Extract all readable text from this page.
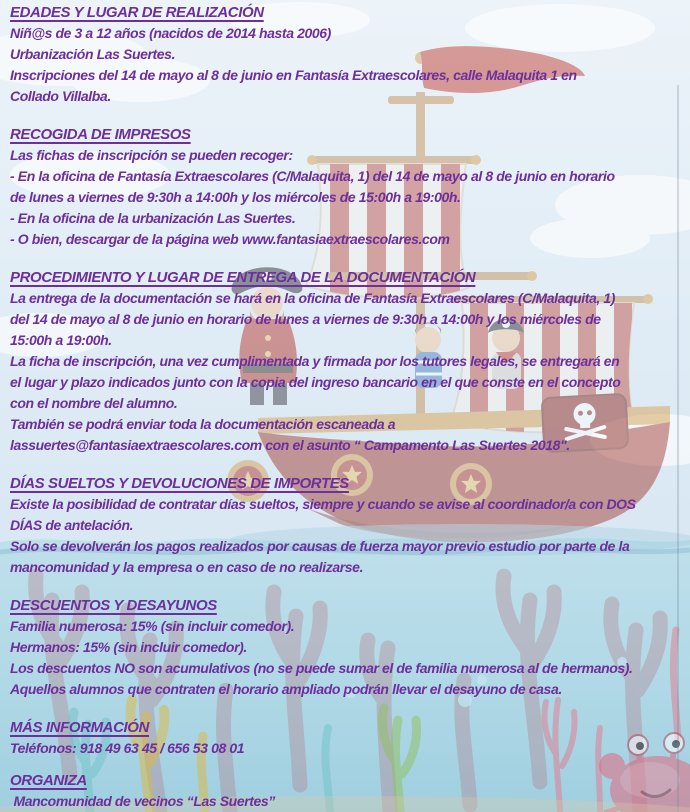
EDADES Y LUGAR DE REALIZACIÓN

Niñ@s de 3 a 12 años (nacidos de 2014 hasta 2006)

Urbanización Las Suertes.

Inscripciones del 14 de mayo al 8 de junio en Fantasía Extraescolares, calle Malaquita 1 en

Collado Villalba.

RECOGIDA DE IMPRESOS

Las fichas de inscripción se pueden recoger:

- En la oficina de Fantasía Extraescolares (C/Malaquita, 1) del 14 de mayo al 8 de junio en horario

de lunes a viernes de 9:30h a 14:00h y los miércoles de 15:00h a 19:00h.

- En la oficina de la urbanización Las Suertes.

- O bien, descargar de la página web www.fantasiaextraescolares.com

PROCEDIMIENTO Y LUGAR DE ENTREGA DE LA DOCUMENTACIÓN

La entrega de la documentación se hará en la oficina de Fantasía Extraescolares (C/Malaquita, 1)

del 14 de mayo al 8 de junio en horario de lunes a viernes de 9:30h a 14:00h y los miércoles de

15:00h a 19:00h.

La ficha de inscripción, una vez cumplimentada y firmada por los tutores legales, se entregará en

el lugar y plazo indicados junto con la copia del ingreso bancario en el que conste en el concepto

con el nombre del alumno.

También se podrá enviar toda la documentación escaneada a

lassuertes@fantasiaextraescolares.com con el asunto “ Campamento Las Suertes 2018".

DÍAS SUELTOS Y DEVOLUCIONES DE IMPORTES

Existe la posibilidad de contratar días sueltos, siempre y cuando se avise al coordinador/a con DOS

DÍAS de antelación.

Solo se devolverán los pagos realizados por causas de fuerza mayor previo estudio por parte de la

mancomunidad y la empresa o en caso de no realizarse.

DESCUENTOS Y DESAYUNOS

Familia numerosa: 15% (sin incluir comedor).

Hermanos: 15% (sin incluir comedor).

Los descuentos NO son acumulativos (no se puede sumar el de familia numerosa al de hermanos).

Aquellos alumnos que contraten el horario ampliado podrán llevar el desayuno de casa.

MÁS INFORMACIÓN

Teléfonos: 918 49 63 45 / 656 53 08 01

ORGANIZA

Mancomunidad de vecinos “Las Suertes”
